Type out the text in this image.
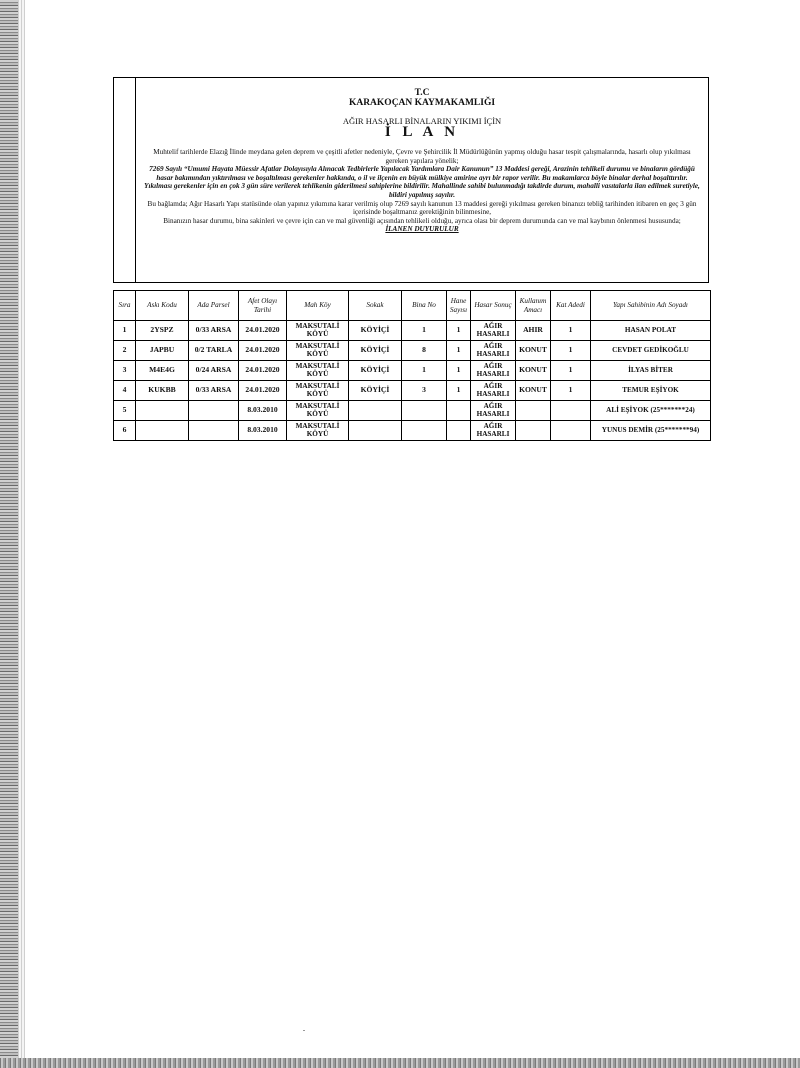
T.C
KARAKOÇAN KAYMAKAMLIĞI
AĞIR HASARLI BİNALARIN YIKIMI İÇİN
İ L A N

Muhtelif tarihlerde Elazığ İlinde meydana gelen deprem ve çeşitli afetler nedeniyle, Çevre ve Şehircilik İl Müdürlüğünün yapmış olduğu hasar tespit çalışmalarında, hasarlı olup yıkılması gereken yapılara yönelik;

7269 Sayılı “Umumi Hayata Müessir Afatlar Dolayısıyla Alınacak Tedbirlerle Yapılacak Yardımlara Dair Kanunun” 13 Maddesi gereği, Arazinin tehlikeli durumu ve binaların gördüğü hasar bakımından yıktırılması ve boşaltılması gerekenler hakkında, o il ve ilçenin en büyük mülkiye amirine ayrı bir rapor verilir. Bu makamlarca böyle binalar derhal boşalttırılır. Yıkılması gerekenler için en çok 3 gün süre verilerek tehlikenin giderilmesi sahiplerine bildirilir. Mahallinde sahibi bulunmadığı takdirde durum, mahalli vasıtalarla ilan edilmek suretiyle, bildiri yapılmış sayılır.

Bu bağlamda; Ağır Hasarlı Yapı statüsünde olan yapınız yıkımına karar verilmiş olup 7269 sayılı kanunun 13 maddesi gereği yıkılması gereken binanızı tebliğ tarihinden itibaren en geç 3 gün içerisinde boşaltmanız gerektiğinin bilinmesine,

Binanızın hasar durumu, bina sakinleri ve çevre için can ve mal güvenliği açısından tehlikeli olduğu, ayrıca olası bir deprem durumunda can ve mal kaybının önlenmesi hususunda;

İLANEN DUYURULUR

Sıra	Askı Kodu	Ada Parsel	Afet Olayı Tarihi	Mah Köy	Sokak	Bina No	Hane Sayısı	Hasar Sonuç	Kullanım Amacı	Kat Adedi	Yapı Sahibinin Adı Soyadı
1	2YSPZ	0/33 ARSA	24.01.2020	MAKSUTALİ KÖYÜ	KÖYİÇİ	1	1	AĞIR HASARLI	AHIR	1	HASAN POLAT
2	JAPBU	0/2 TARLA	24.01.2020	MAKSUTALİ KÖYÜ	KÖYİÇİ	8	1	AĞIR HASARLI	KONUT	1	CEVDET GEDİKOĞLU
3	M4E4G	0/24 ARSA	24.01.2020	MAKSUTALİ KÖYÜ	KÖYİÇİ	1	1	AĞIR HASARLI	KONUT	1	İLYAS BİTER
4	KUKBB	0/33 ARSA	24.01.2020	MAKSUTALİ KÖYÜ	KÖYİÇİ	3	1	AĞIR HASARLI	KONUT	1	TEMUR EŞİYOK
5			8.03.2010	MAKSUTALİ KÖYÜ				AĞIR HASARLI			ALİ EŞİYOK (25*******24)
6			8.03.2010	MAKSUTALİ KÖYÜ				AĞIR HASARLI			YUNUS DEMİR (25*******94)
